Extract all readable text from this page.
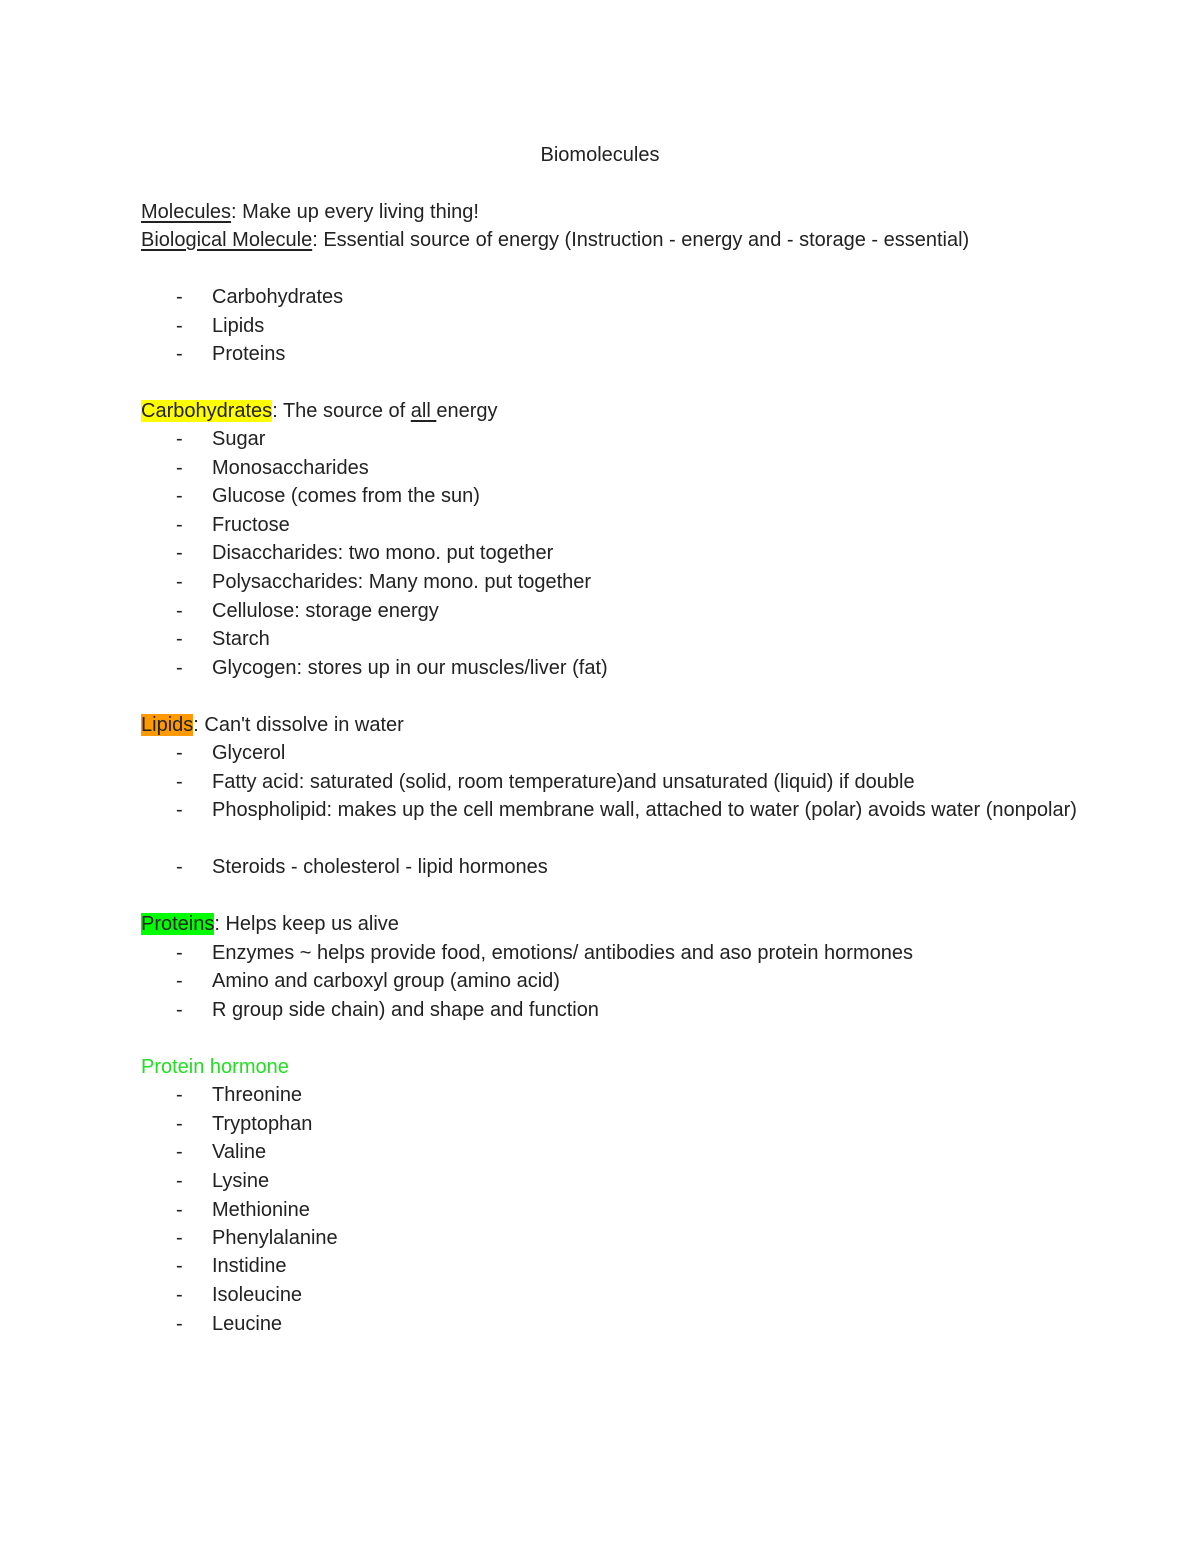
Biomolecules
Molecules: Make up every living thing!
Biological Molecule: Essential source of energy (Instruction - energy and - storage - essential)
-	Carbohydrates
-	Lipids
-	Proteins
Carbohydrates: The source of all energy
-	Sugar
-	Monosaccharides
-	Glucose (comes from the sun)
-	Fructose
-	Disaccharides: two mono. put together
-	Polysaccharides: Many mono. put together
-	Cellulose: storage energy
-	Starch
-	Glycogen: stores up in our muscles/liver (fat)
Lipids: Can't dissolve in water
-	Glycerol
-	Fatty acid: saturated (solid, room temperature)and unsaturated (liquid) if double
-	Phospholipid: makes up the cell membrane wall, attached to water (polar) avoids water (nonpolar)
-	Steroids - cholesterol - lipid hormones
Proteins: Helps keep us alive
-	Enzymes ~ helps provide food, emotions/ antibodies and aso protein hormones
-	Amino and carboxyl group (amino acid)
-	R group side chain) and shape and function
Protein hormone
-	Threonine
-	Tryptophan
-	Valine
-	Lysine
-	Methionine
-	Phenylalanine
-	Instidine
-	Isoleucine
-	Leucine
